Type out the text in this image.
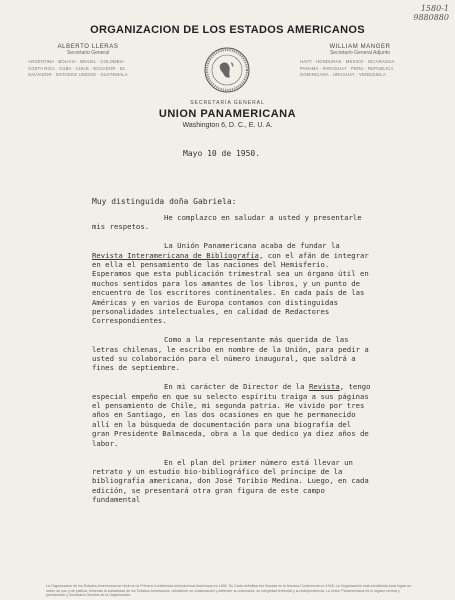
1580-1
9880880
ORGANIZACION DE LOS ESTADOS AMERICANOS
ALBERTO LLERAS
Secretario General
ARGENTINA · BOLIVIA · BRASIL · COLOMBIA
COSTA RICA · CUBA · CHILE · ECUADOR · EL
SALVADOR · ESTADOS UNIDOS · GUATEMALA
WILLIAM MANGER
Secretario General Adjunto
HAITI · HONDURAS · MEXICO · NICARAGUA
PANAMA · PARAGUAY · PERU · REPUBLICA
DOMINICANA · URUGUAY · VENEZUELA
SECRETARIA GENERAL
UNION PANAMERICANA
Washington 6, D. C., E. U. A.
Mayo 10 de 1950.
Muy distinguida doña Gabriela:

He complazco en saludar a usted y presentarle mis respetos.

La Unión Panamericana acaba de fundar la Revista Interamericana de Bibliografía, con el afán de integrar en ella el pensamiento de las naciones del Hemisferio. Esperamos que esta publicación trimestral sea un órgano útil en muchos sentidos para los amantes de los libros, y un punto de encuentro de los escritores continentales. En cada país de las Américas y en varios de Europa contamos con distinguidas personalidades intelectuales, en calidad de Redactores Correspondientes.

Como a la representante más querida de las letras chilenas, le escribo en nombre de la Unión, para pedir a usted su colaboración para el número inaugural, que saldrá a fines de septiembre.

En mi carácter de Director de la Revista, tengo especial empeño en que su selecto espíritu traiga a sus páginas el pensamiento de Chile, mi segunda patria. He vivido por tres años en Santiago, en las dos ocasiones en que he permanecido allí en la búsqueda de documentación para una biografía del gran Presidente Balmaceda, obra a la que dedico ya diez años de labor.

En el plan del primer número está llevar un retrato y un estudio bio-bibliográfico del príncipe de la bibliografía americana, don José Toribio Medina. Luego, en cada edición, se presentará otra gran figura de este campo fundamental

La Organización de los Estados Americanos se inició en la Primera Conferencia Internacional Americana en 1890. Su Carta definitiva fue firmada en la Novena Conferencia en 1948. La Organización está constituida para lograr un orden de paz y de justicia, fomentar la solidaridad de los Estados Americanos, robustecer su colaboración y defender su soberanía, su integridad territorial y su independencia. La Unión Panamericana es el órgano central y permanente y Secretaría General de la Organización.
